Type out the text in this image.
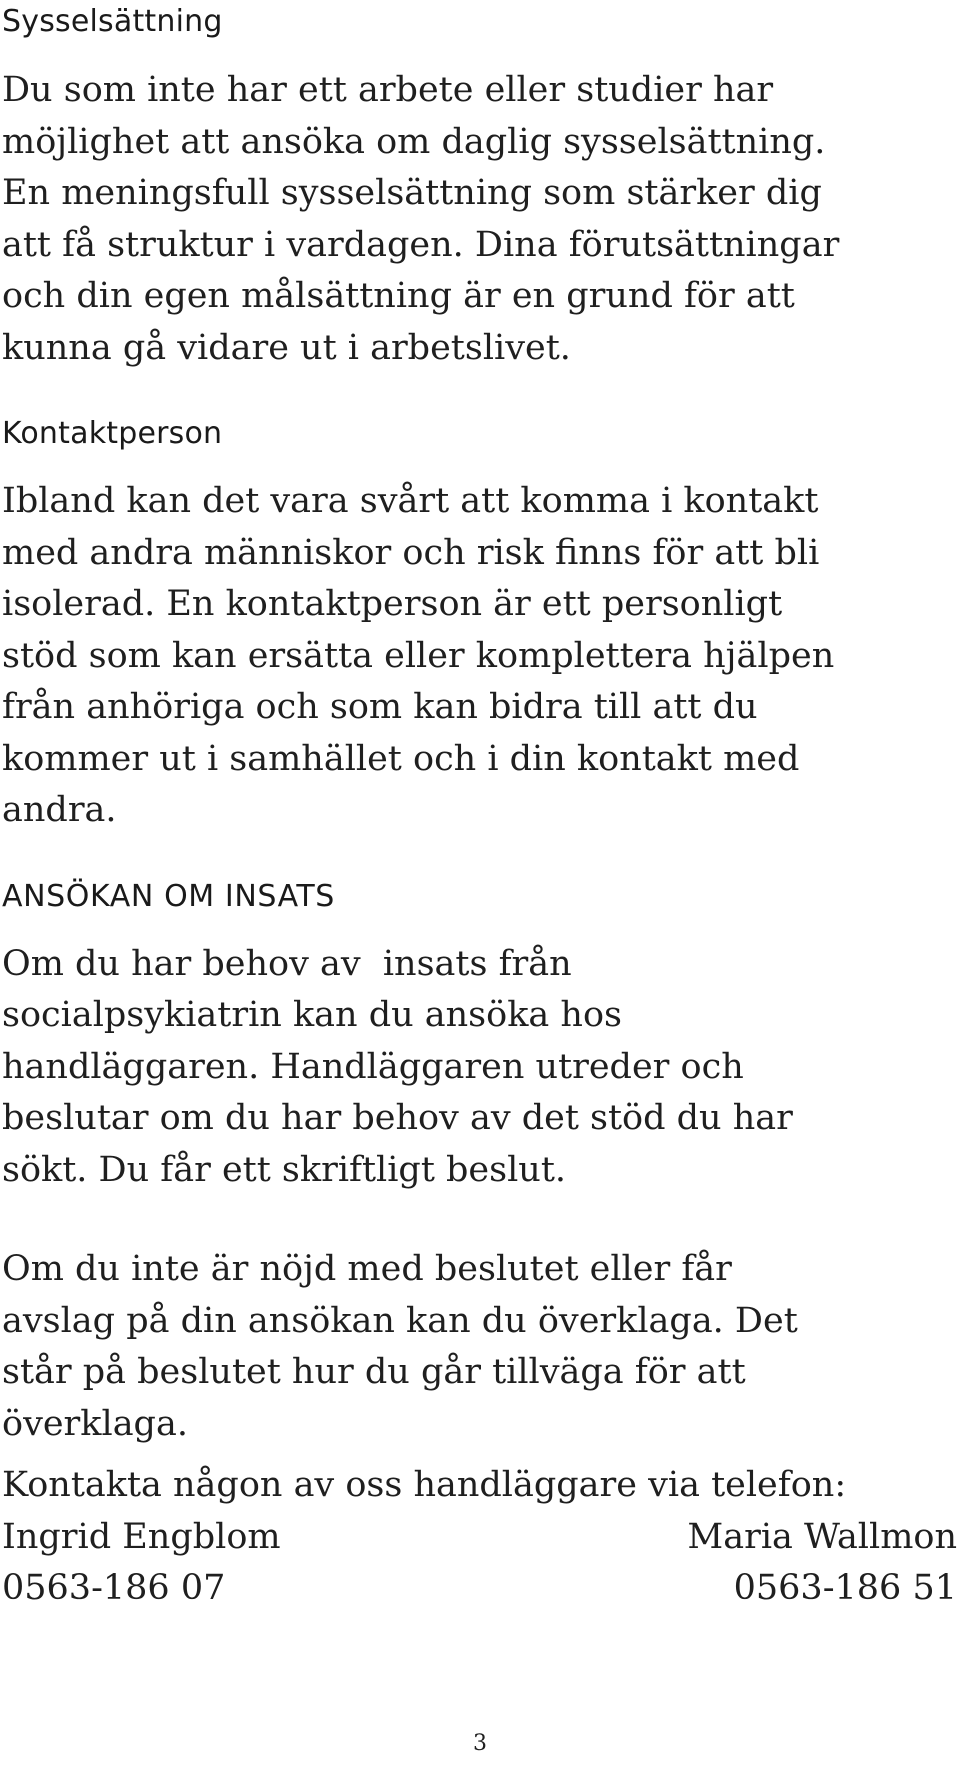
Sysselsättning

Du som inte har ett arbete eller studier har
möjlighet att ansöka om daglig sysselsättning.
En meningsfull sysselsättning som stärker dig
att få struktur i vardagen. Dina förutsättningar
och din egen målsättning är en grund för att
kunna gå vidare ut i arbetslivet.

Kontaktperson

Ibland kan det vara svårt att komma i kontakt
med andra människor och risk finns för att bli
isolerad. En kontaktperson är ett personligt
stöd som kan ersätta eller komplettera hjälpen
från anhöriga och som kan bidra till att du
kommer ut i samhället och i din kontakt med
andra.

ANSÖKAN OM INSATS

Om du har behov av  insats från
socialpsykiatrin kan du ansöka hos
handläggaren. Handläggaren utreder och
beslutar om du har behov av det stöd du har
sökt. Du får ett skriftligt beslut.

Om du inte är nöjd med beslutet eller får
avslag på din ansökan kan du överklaga. Det
står på beslutet hur du går tillväga för att
överklaga.

Kontakta någon av oss handläggare via telefon:

Ingrid Engblom	Maria Wallmon
0563-186 07	0563-186 51
3
